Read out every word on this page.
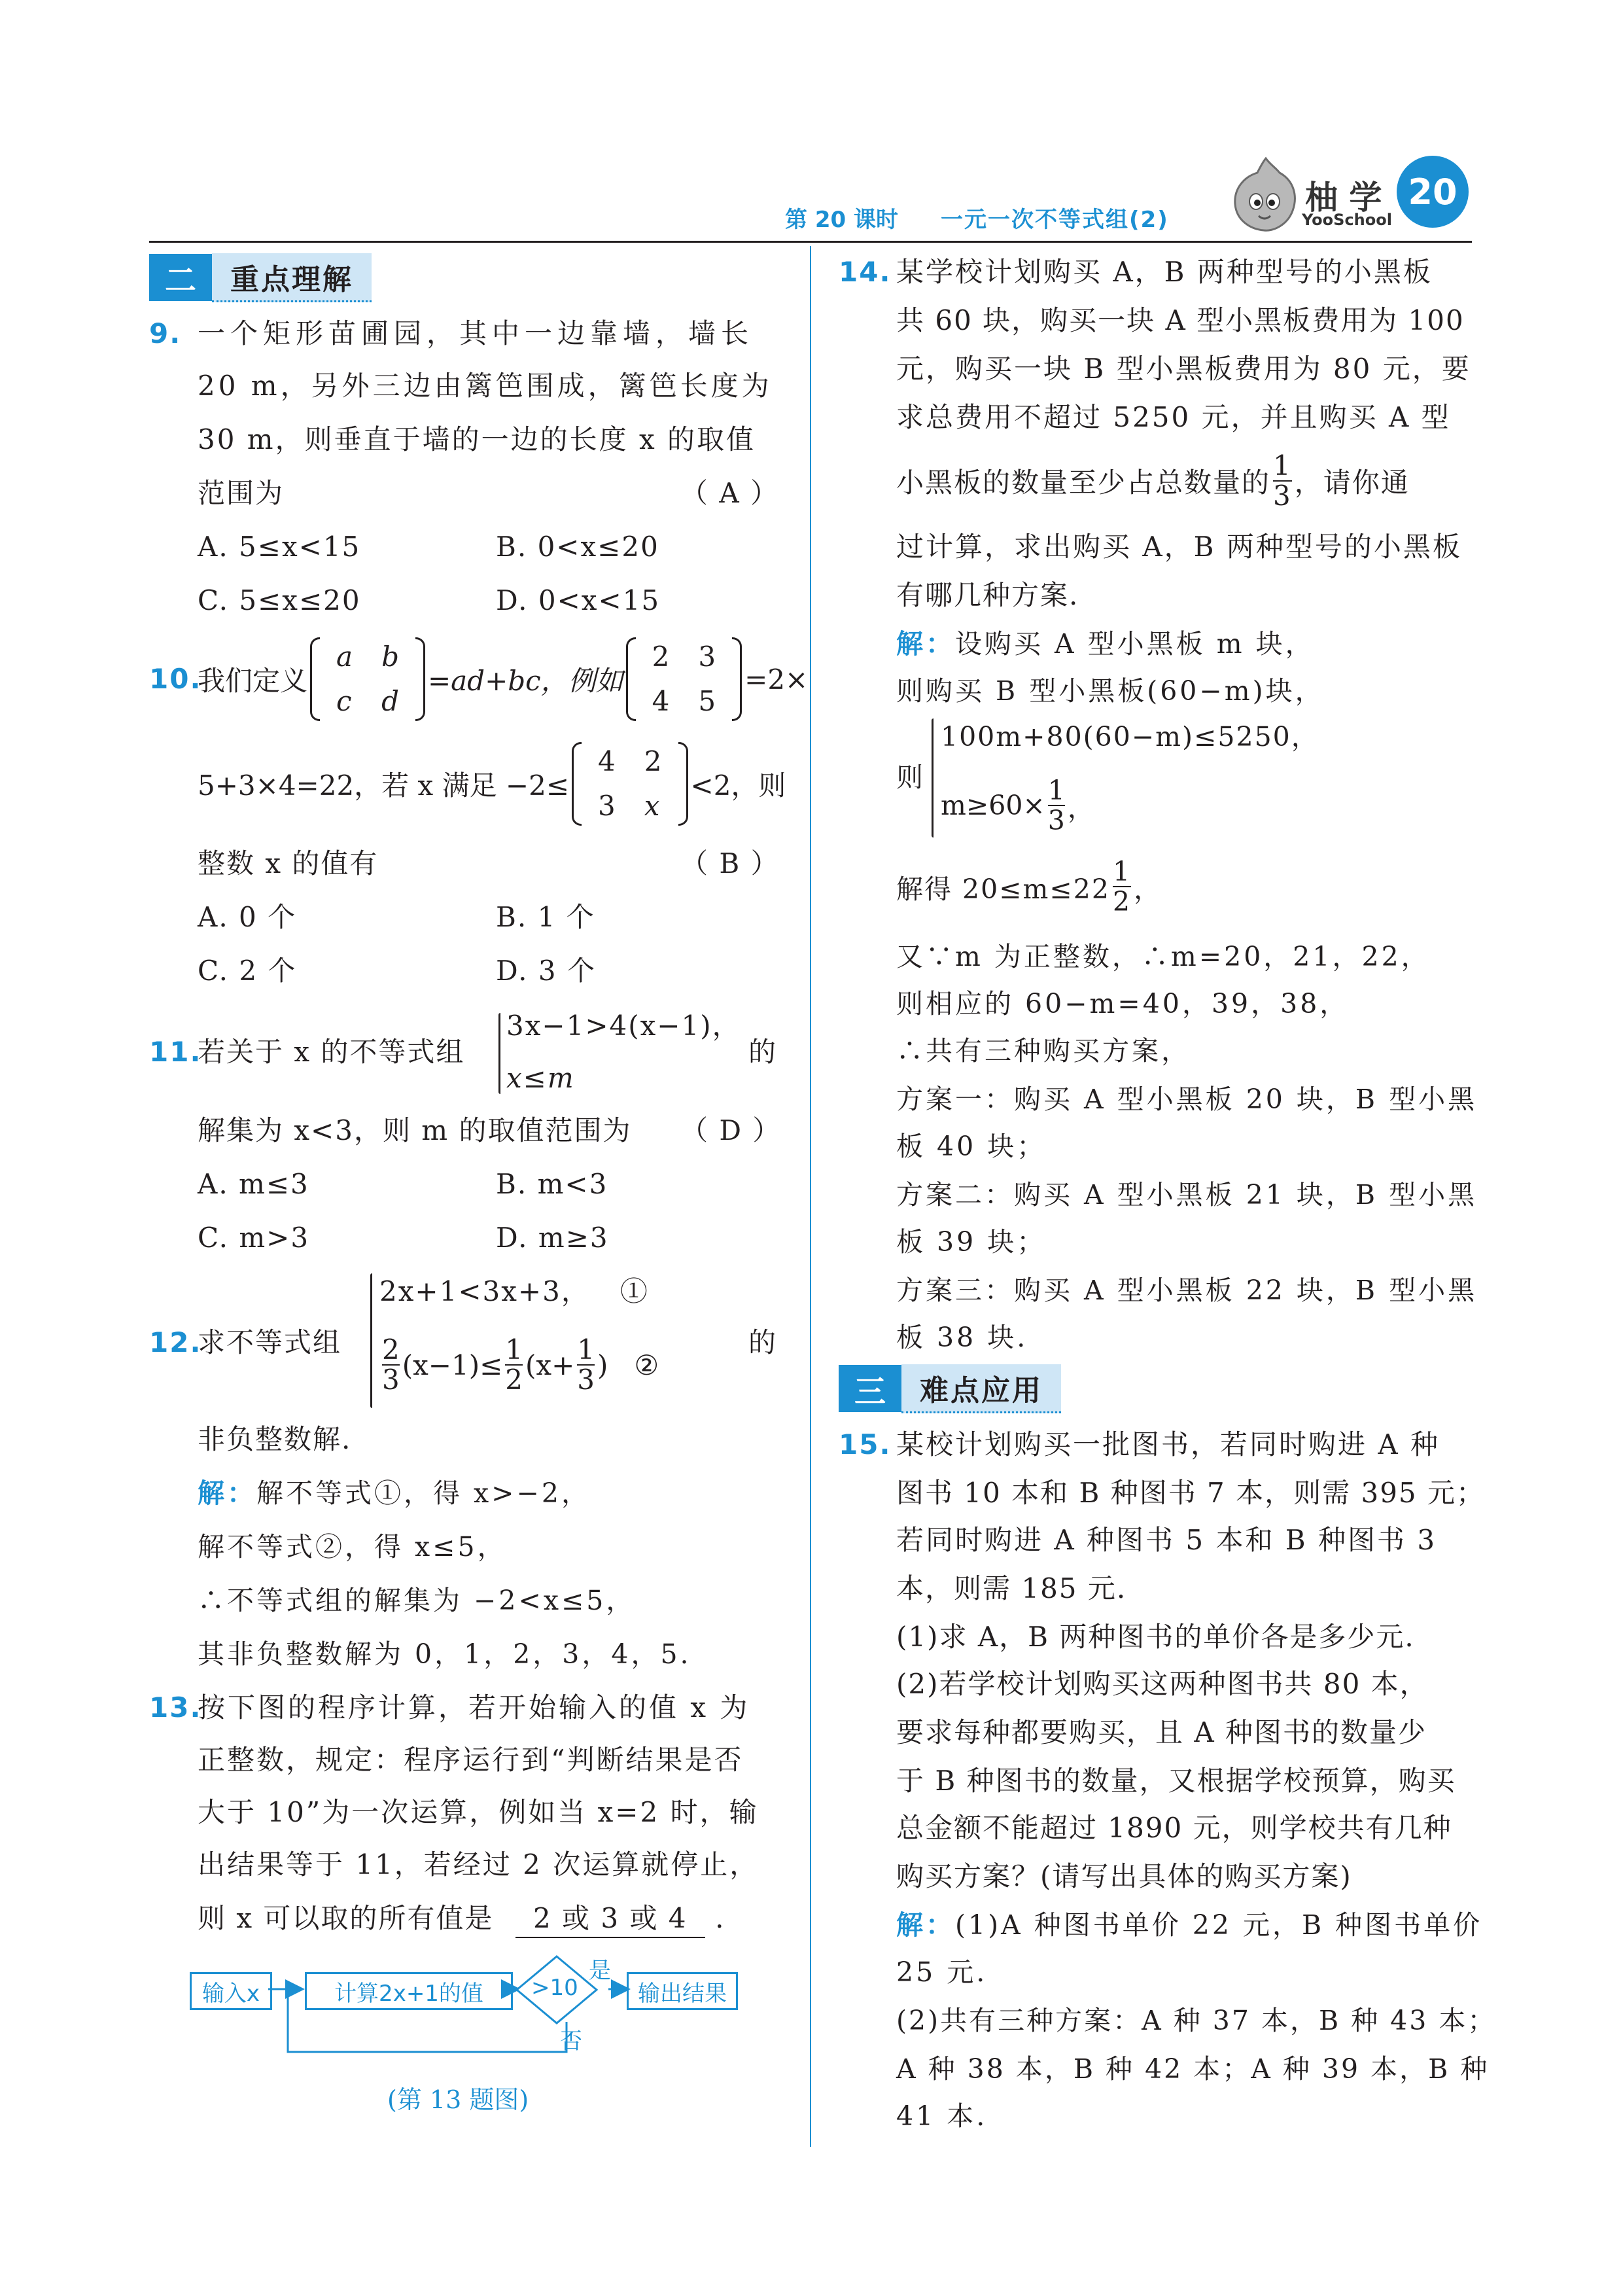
第 20 课时 一元一次不等式组(2)
柚 学
YooSchool
20
二	重点理解
9. 一个矩形苗圃园，其中一边靠墙，墙长
20 m，另外三边由篱笆围成，篱笆长度为
30 m，则垂直于墙的一边的长度 x 的取值
范围为	（ A ）
A. 5≤x<15	B. 0<x≤20
C. 5≤x≤20	D. 0<x<15
10.
我们定义
a	b
c	d
=ad+bc，例如
2	3
4	5
=2×
5+3×4=22，若 x 满足 −2≤
4	2
3	x
<2，则
整数 x 的值有	（ B ）
A. 0 个	B. 1 个
C. 2 个	D. 3 个
11.
若关于 x 的不等式组
3x−1>4(x−1)，
x≤m
的
解集为 x<3，则 m 的取值范围为 （ D ）
A. m≤3	B. m<3
C. m>3	D. m≥3
12.
求不等式组
2x+1<3x+3， ①
$\frac{2}{3} (x-1)\le \frac{1}{2} (x+ \frac{1}{3}$ )
②
的
非负整数解.
解：解不等式①，得 x>−2，
解不等式②，得 x≤5，
∴不等式组的解集为 −2<x≤5，
其非负整数解为 0，1，2，3，4，5.
13.
按下图的程序计算，若开始输入的值 x 为
正整数，规定：程序运行到“判断结果是否
大于 10”为一次运算，例如当 x=2 时，输
出结果等于 11，若经过 2 次运算就停止，
则 x 可以取的所有值是 2 或 3 或 4 .
输入x	计算2x+1的值	>10
是
否
输出结果
(第 13 题图)
14. 某学校计划购买 A，B 两种型号的小黑板
共 60 块，购买一块 A 型小黑板费用为 100
元，购买一块 B 型小黑板费用为 80 元，要
求总费用不超过 5250 元，并且购买 A 型
小黑板的数量至少占总数量的 $\frac{1}{3}$ ，请你通
过计算，求出购买 A，B 两种型号的小黑板
有哪几种方案.
解：设购买 A 型小黑板 m 块，
则购买 B 型小黑板(60−m)块，
则
100m+80(60−m)≤5250，
$m\ge 60\times \frac{1}{3}$ ，
解得 $20\le m\le 22 \frac{1}{2}$ ，
又∵m 为正整数，∴m=20，21，22，
则相应的 60−m=40，39，38，
∴共有三种购买方案，
方案一：购买 A 型小黑板 20 块，B 型小黑
板 40 块；
方案二：购买 A 型小黑板 21 块，B 型小黑
板 39 块；
方案三：购买 A 型小黑板 22 块，B 型小黑
板 38 块.
三	难点应用
15. 某校计划购买一批图书，若同时购进 A 种
图书 10 本和 B 种图书 7 本，则需 395 元；
若同时购进 A 种图书 5 本和 B 种图书 3
本，则需 185 元.
(1)求 A，B 两种图书的单价各是多少元.
(2)若学校计划购买这两种图书共 80 本，
要求每种都要购买，且 A 种图书的数量少
于 B 种图书的数量，又根据学校预算，购买
总金额不能超过 1890 元，则学校共有几种
购买方案？(请写出具体的购买方案)
解：(1)A 种图书单价 22 元，B 种图书单价
25 元.
(2)共有三种方案：A 种 37 本，B 种 43 本；
A 种 38 本，B 种 42 本；A 种 39 本，B 种
41 本.
